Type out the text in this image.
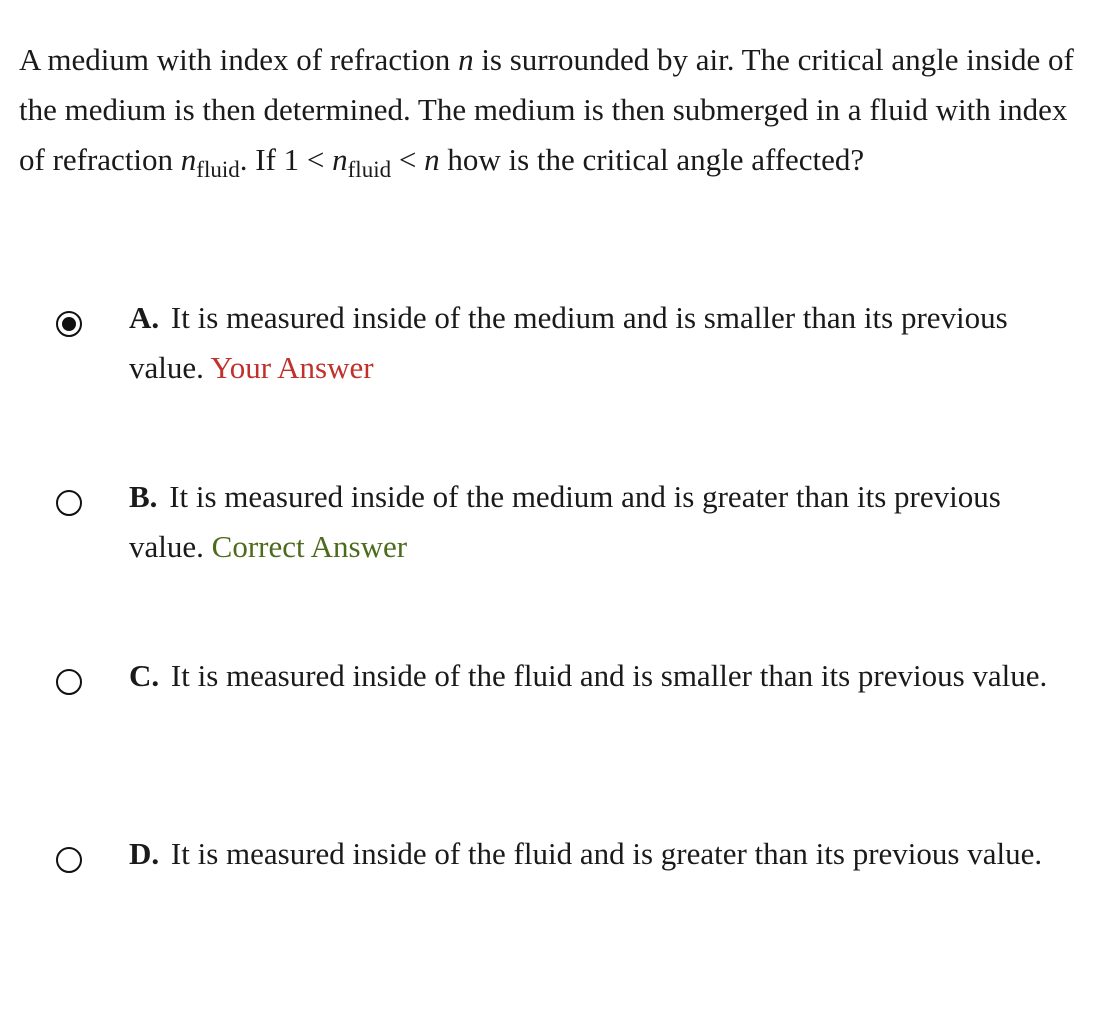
A medium with index of refraction n is surrounded by air. The critical angle inside of the medium is then determined. The medium is then submerged in a fluid with index of refraction $n_{fluid}$. If $1 < n_{fluid} < n$ how is the critical angle affected?
A. It is measured inside of the medium and is smaller than its previous value. Your Answer
B. It is measured inside of the medium and is greater than its previous value. Correct Answer
C. It is measured inside of the fluid and is smaller than its previous value.
D. It is measured inside of the fluid and is greater than its previous value.
